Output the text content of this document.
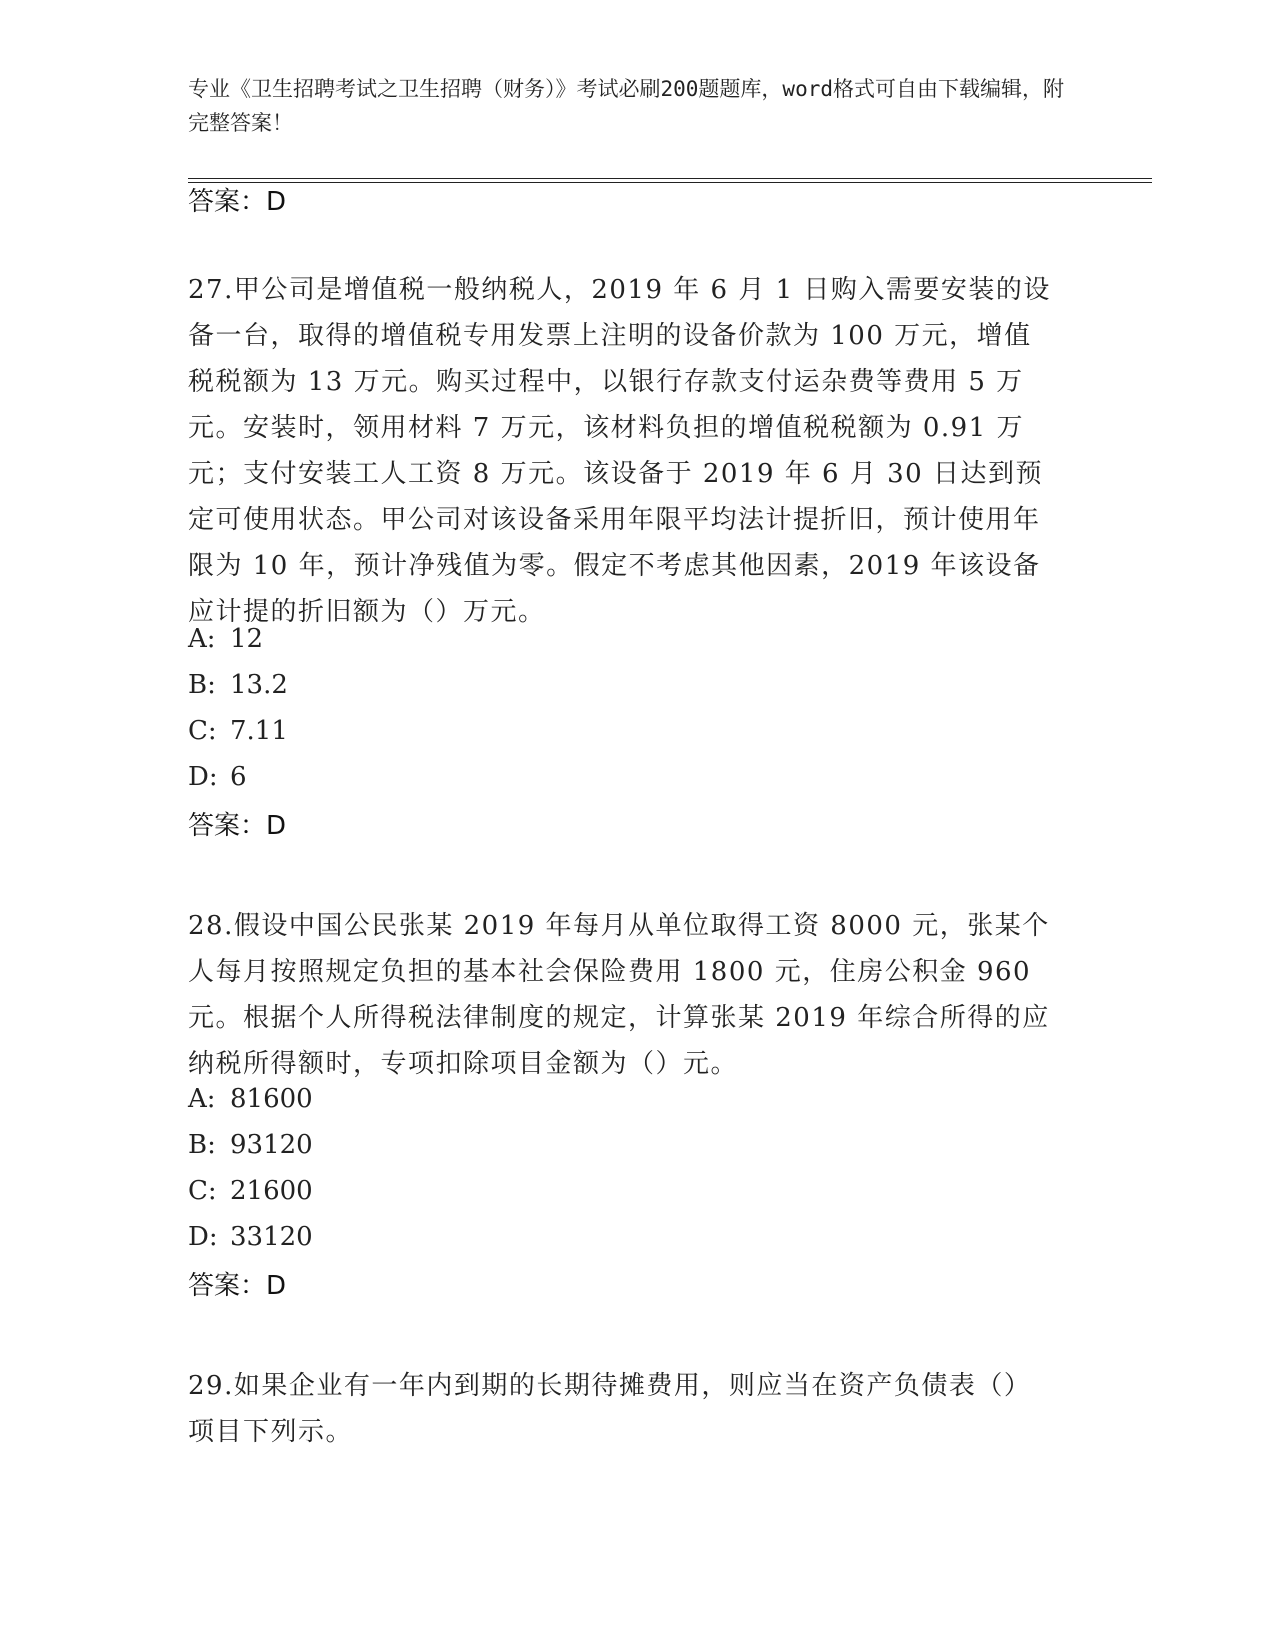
专业《卫生招聘考试之卫生招聘（财务）》考试必刷200题题库，word格式可自由下载编辑，附完整答案！
答案：D
27.甲公司是增值税一般纳税人，2019 年 6 月 1 日购入需要安装的设备一台，取得的增值税专用发票上注明的设备价款为 100 万元，增值税税额为 13 万元。购买过程中，以银行存款支付运杂费等费用 5 万元。安装时，领用材料 7 万元，该材料负担的增值税税额为 0.91 万元；支付安装工人工资 8 万元。该设备于 2019 年 6 月 30 日达到预定可使用状态。甲公司对该设备采用年限平均法计提折旧，预计使用年限为 10 年，预计净残值为零。假定不考虑其他因素，2019 年该设备应计提的折旧额为（）万元。
A: 12
B: 13.2
C: 7.11
D: 6
答案：D
28.假设中国公民张某 2019 年每月从单位取得工资 8000 元，张某个人每月按照规定负担的基本社会保险费用 1800 元，住房公积金 960 元。根据个人所得税法律制度的规定，计算张某 2019 年综合所得的应纳税所得额时，专项扣除项目金额为（）元。
A: 81600
B: 93120
C: 21600
D: 33120
答案：D
29.如果企业有一年内到期的长期待摊费用，则应当在资产负债表（）项目下列示。
